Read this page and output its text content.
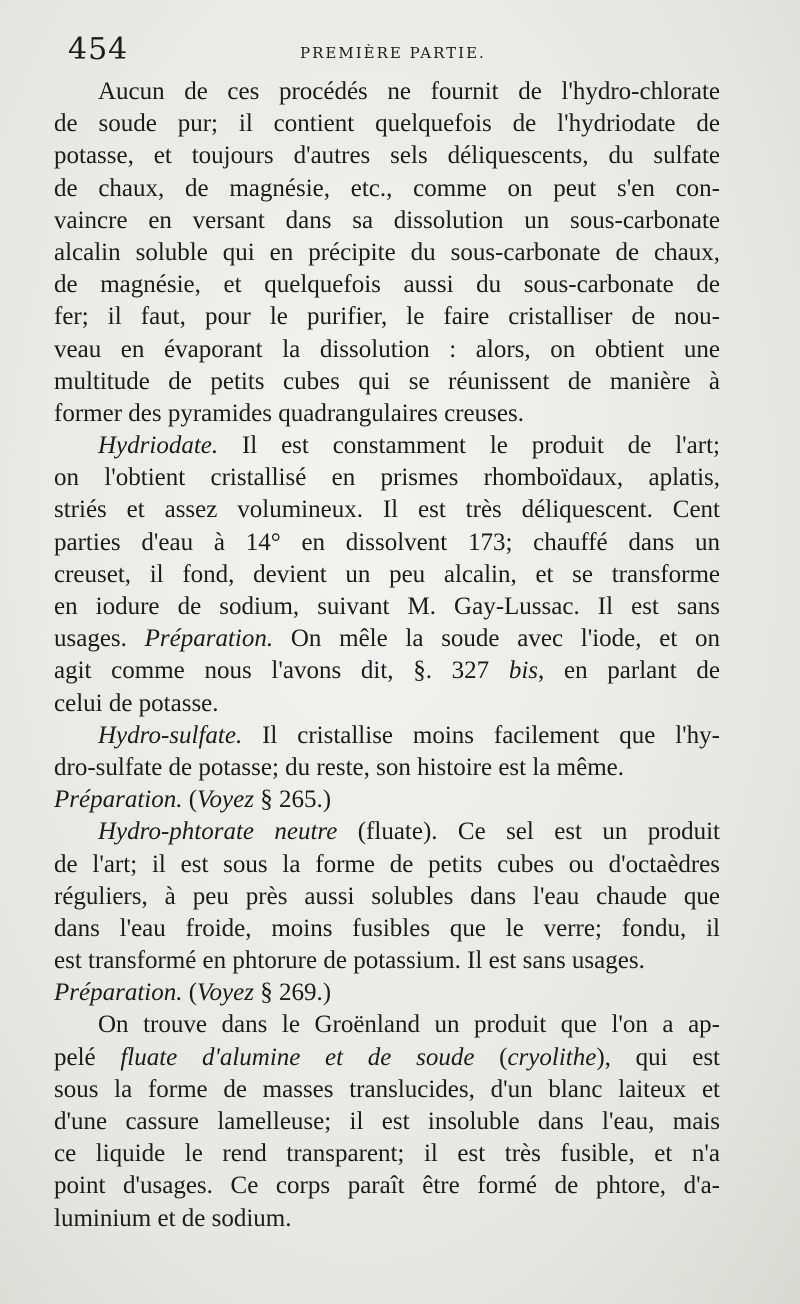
454	PREMIÈRE PARTIE.
Aucun de ces procédés ne fournit de l'hydro-chlorate
de soude pur; il contient quelquefois de l'hydriodate de
potasse, et toujours d'autres sels déliquescents, du sulfate
de chaux, de magnésie, etc., comme on peut s'en con-
vaincre en versant dans sa dissolution un sous-carbonate
alcalin soluble qui en précipite du sous-carbonate de chaux,
de magnésie, et quelquefois aussi du sous-carbonate de
fer; il faut, pour le purifier, le faire cristalliser de nou-
veau en évaporant la dissolution : alors, on obtient une
multitude de petits cubes qui se réunissent de manière à
former des pyramides quadrangulaires creuses.
Hydriodate. Il est constamment le produit de l'art;
on l'obtient cristallisé en prismes rhomboïdaux, aplatis,
striés et assez volumineux. Il est très déliquescent. Cent
parties d'eau à 14° en dissolvent 173; chauffé dans un
creuset, il fond, devient un peu alcalin, et se transforme
en iodure de sodium, suivant M. Gay-Lussac. Il est sans
usages. Préparation. On mêle la soude avec l'iode, et on
agit comme nous l'avons dit, §. 327 bis, en parlant de
celui de potasse.
Hydro-sulfate. Il cristallise moins facilement que l'hy-
dro-sulfate de potasse; du reste, son histoire est la même.
Préparation. (Voyez § 265.)
Hydro-phtorate neutre (fluate). Ce sel est un produit
de l'art; il est sous la forme de petits cubes ou d'octaèdres
réguliers, à peu près aussi solubles dans l'eau chaude que
dans l'eau froide, moins fusibles que le verre; fondu, il
est transformé en phtorure de potassium. Il est sans usages.
Préparation. (Voyez § 269.)
On trouve dans le Groënland un produit que l'on a ap-
pelé fluate d'alumine et de soude (cryolithe), qui est
sous la forme de masses translucides, d'un blanc laiteux et
d'une cassure lamelleuse; il est insoluble dans l'eau, mais
ce liquide le rend transparent; il est très fusible, et n'a
point d'usages. Ce corps paraît être formé de phtore, d'a-
luminium et de sodium.
